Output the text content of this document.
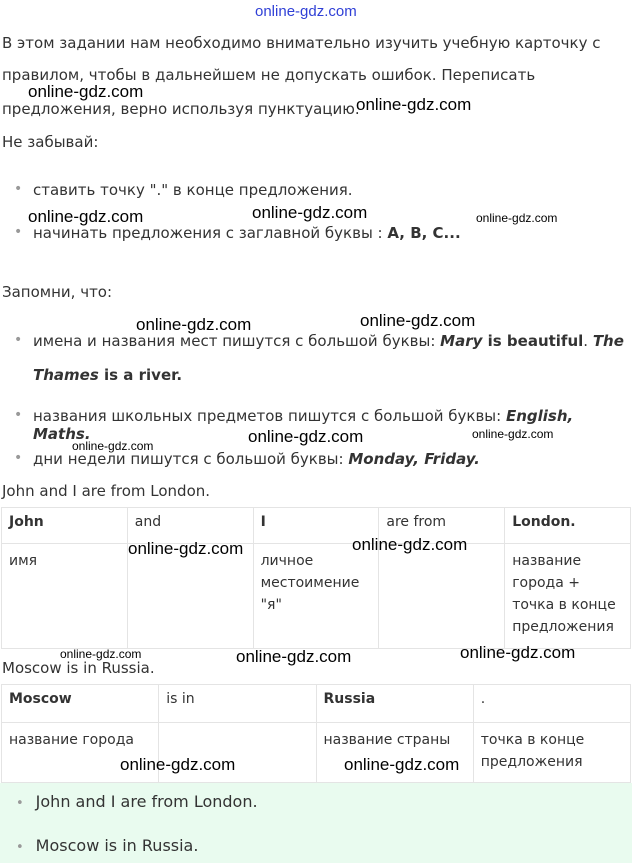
online-gdz.com
В этом задании нам необходимо внимательно изучить учебную карточку с
правилом, чтобы в дальнейшем не допускать ошибок. Переписать
предложения, верно используя пунктуацию.
Не забывай:
• ставить точку "." в конце предложения.
• начинать предложения с заглавной буквы : A, B, C...
Запомни, что:
• имена и названия мест пишутся с большой буквы: Mary is beautiful. The
Thames is a river.
• названия школьных предметов пишутся с большой буквы: English, Maths.
• дни недели пишутся с большой буквы: Monday, Friday.
John and I are from London.
John	and	I	are from	London.
имя		личное местоимение "я"		название города + точка в конце предложения
Moscow is in Russia.
Moscow	is in	Russia	.
название города		название страны	точка в конце предложения
• John and I are from London.
• Moscow is in Russia.
online-gdz.com
online-gdz.com
online-gdz.com	online-gdz.com	online-gdz.com
online-gdz.com	online-gdz.com
online-gdz.com	online-gdz.com	online-gdz.com
online-gdz.com	online-gdz.com
online-gdz.com	online-gdz.com	online-gdz.com
online-gdz.com	online-gdz.com
